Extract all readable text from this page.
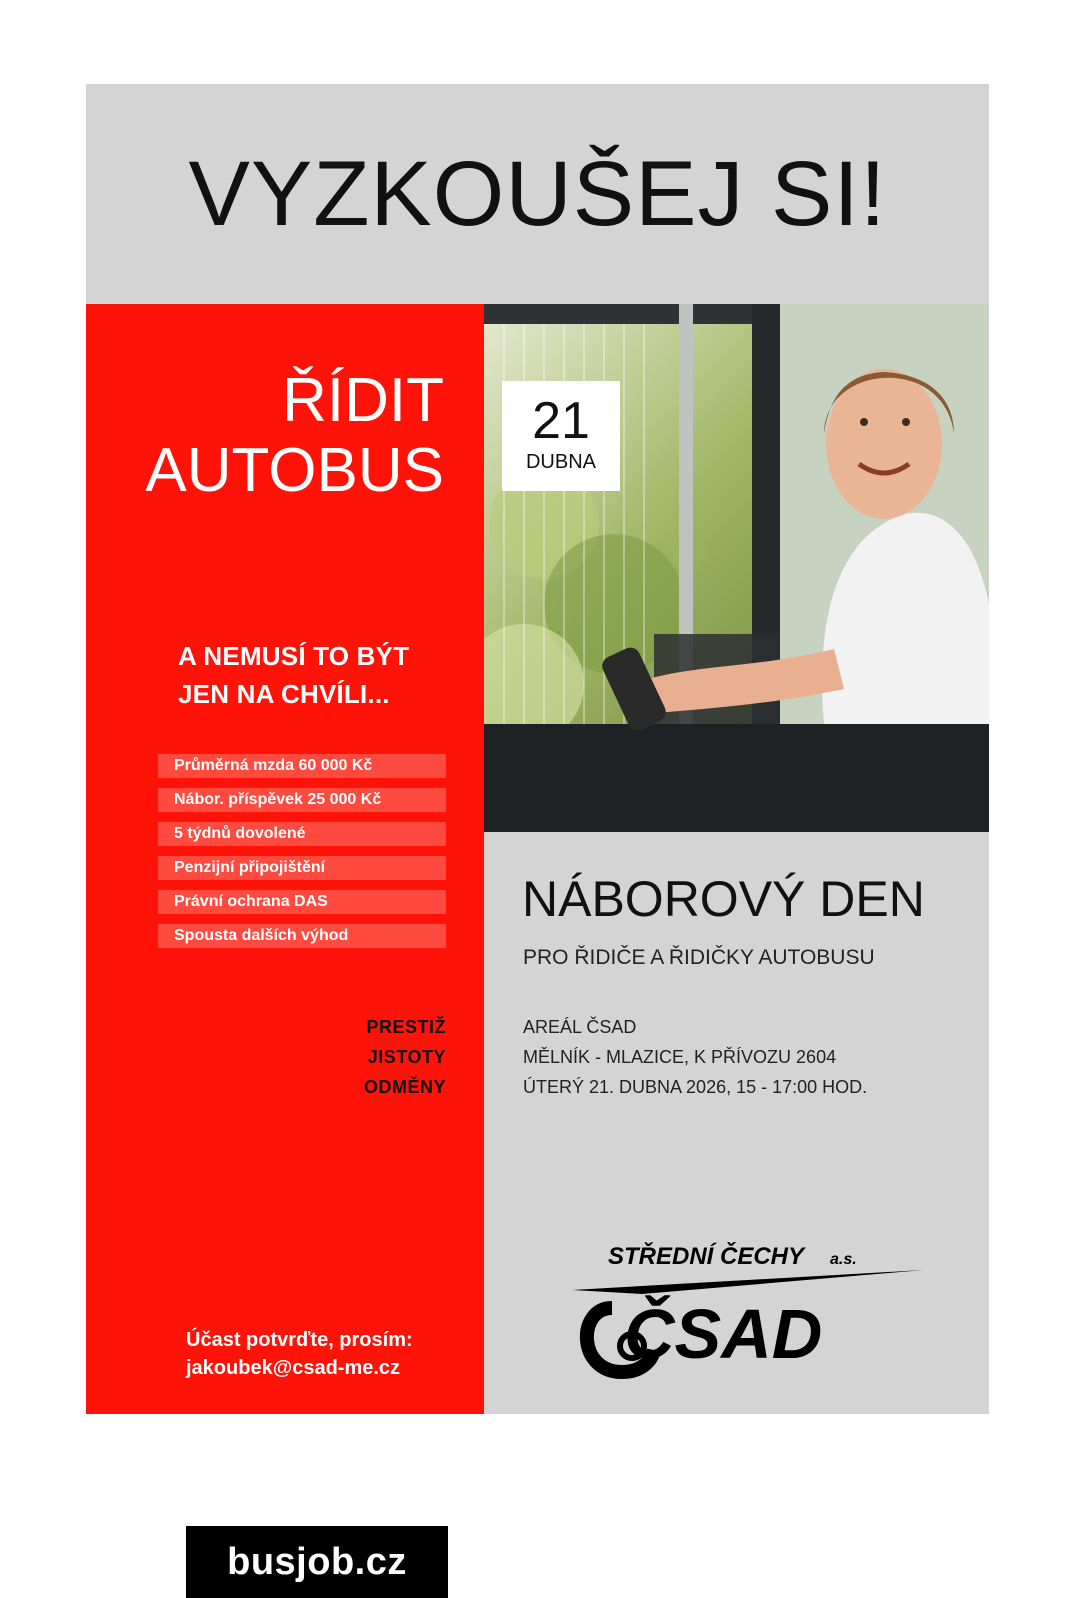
VYZKOUŠEJ SI!
ŘÍDIT
AUTOBUS
A NEMUSÍ TO BÝT
JEN NA CHVÍLI...
Průměrná mzda 60 000 Kč
Nábor. příspěvek 25 000 Kč
5 týdnů dovolené
Penzijní připojištění
Právní ochrana DAS
Spousta dalších výhod
PRESTIŽ
JISTOTY
ODMĚNY
Účast potvrďte, prosím:
jakoubek@csad-me.cz
busjob.cz
21
DUBNA
NÁBOROVÝ DEN
PRO ŘIDIČE A ŘIDIČKY AUTOBUSU
AREÁL ČSAD
MĚLNÍK - MLAZICE, K PŘÍVOZU 2604
ÚTERÝ 21. DUBNA 2026, 15 - 17:00 HOD.
STŘEDNÍ ČECHY a.s.
ČSAD
